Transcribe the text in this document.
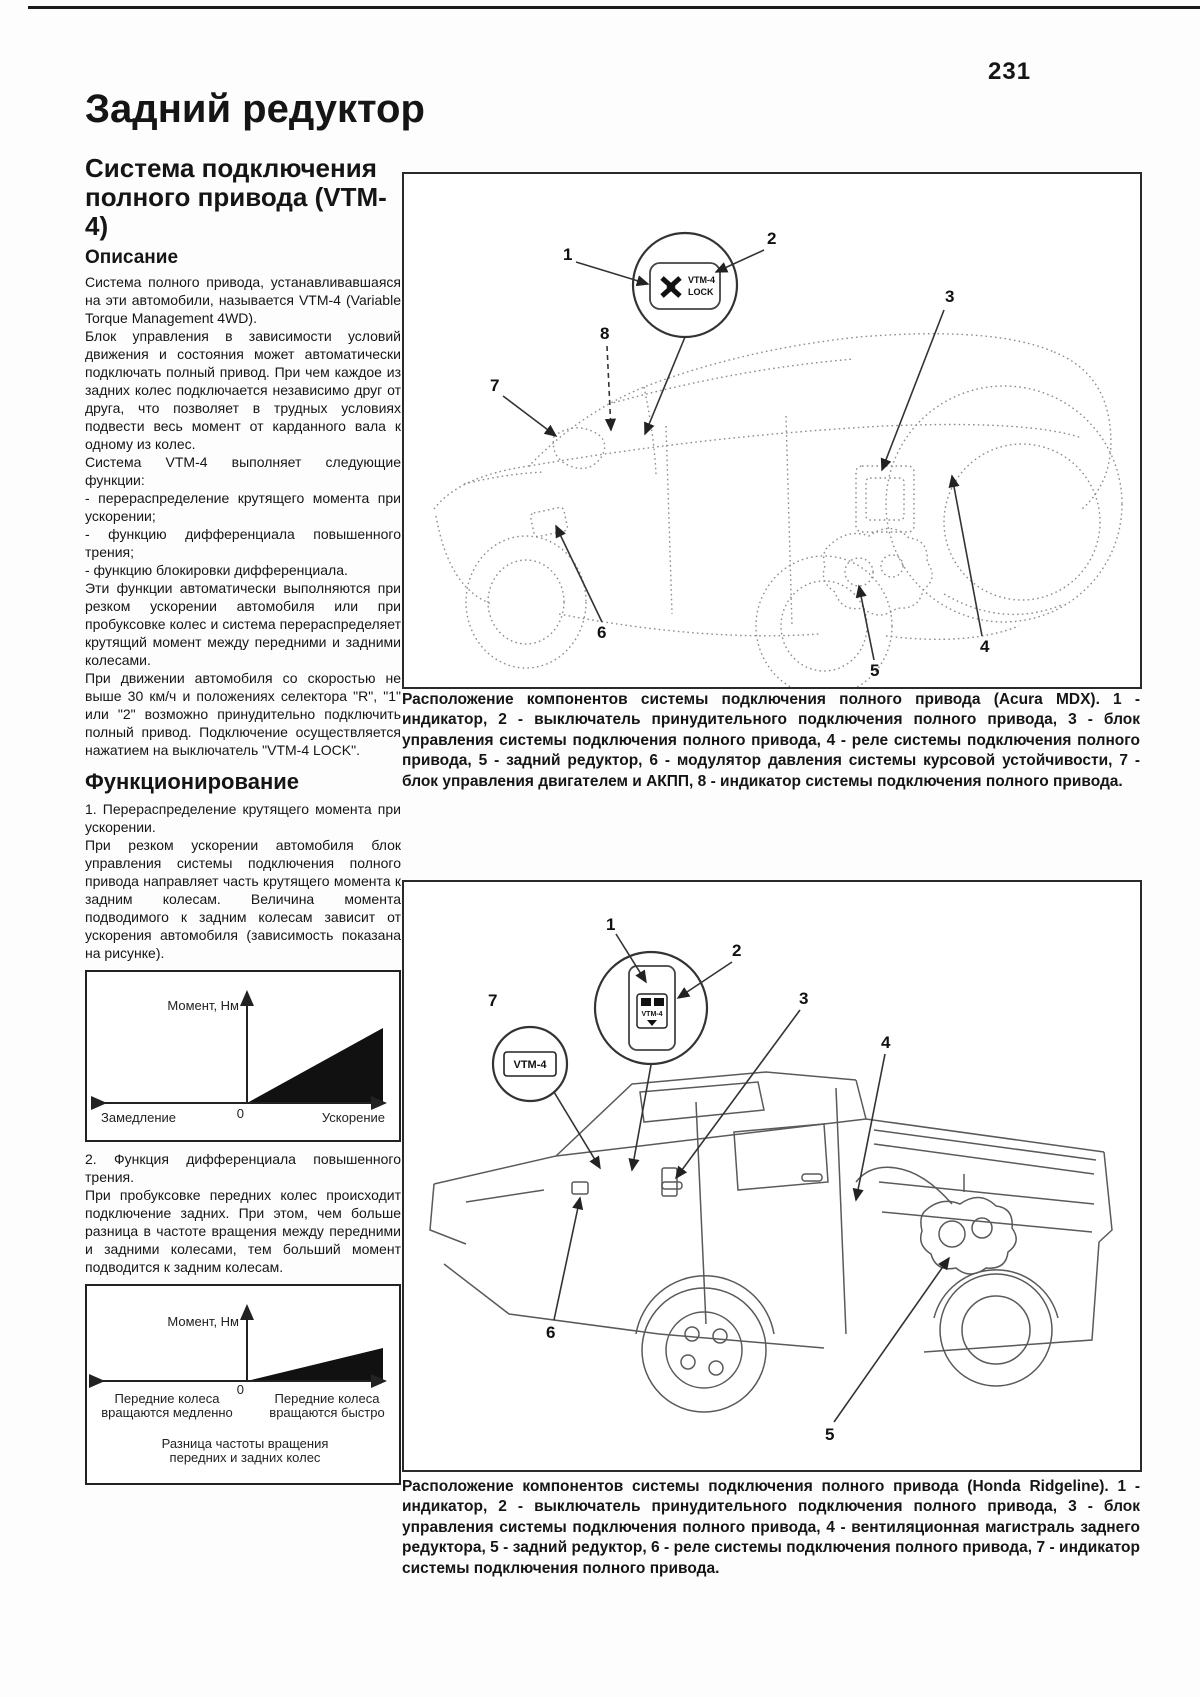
231
Задний редуктор
Система подключения
полного привода (VTM-4)
Описание

Система полного привода, устанавливавшаяся на эти автомобили, называется VTM-4 (Variable Torque Management 4WD).

Блок управления в зависимости условий движения и состояния может автоматически подключать полный привод. При чем каждое из задних колес подключается независимо друг от друга, что позволяет в трудных условиях подвести весь момент от карданного вала к одному из колес.

Система VTM-4 выполняет следующие функции:

- перераспределение крутящего момента при ускорении;

- функцию дифференциала повышенного трения;

- функцию блокировки дифференциала.

Эти функции автоматически выполняются при резком ускорении автомобиля или при пробуксовке колес и система перераспределяет крутящий момент между передними и задними колесами.

При движении автомобиля со скоростью не выше 30 км/ч и положениях селектора "R", "1" или "2" возможно принудительно подключить полный привод. Подключение осуществляется нажатием на выключатель "VTM-4 LOCK".

Функционирование

1. Перераспределение крутящего момента при ускорении.

При резком ускорении автомобиля блок управления системы подключения полного привода направляет часть крутящего момента к задним колесам. Величина момента подводимого к задним колесам зависит от ускорения автомобиля (зависимость показана на рисунке).

Момент, Нм
0
Замедление	Ускорение

2. Функция дифференциала повышенного трения.

При пробуксовке передних колес происходит подключение задних. При этом, чем больше разница в частоте вращения между передними и задними колесами, тем больший момент подводится к задним колесам.

Момент, Нм
0
Передние колеса
вращаются медленно
Передние колеса
вращаются быстро
Разница частоты вращения
передних и задних колес
VTM-4
LOCK
1
2
3
4
5
6
7
8
Расположение компонентов системы подключения полного привода (Acura MDX). 1 - индикатор, 2 - выключатель принудительного подключения полного привода, 3 - блок управления системы подключения полного привода, 4 - реле системы подключения полного привода, 5 - задний редуктор, 6 - модулятор давления системы курсовой устойчивости, 7 - блок управления двигателем и АКПП, 8 - индикатор системы подключения полного привода.
VTM-4
VTM-4
1
2
3
4
5
6
7
Расположение компонентов системы подключения полного привода (Honda Ridgeline). 1 - индикатор, 2 - выключатель принудительного подключения полного привода, 3 - блок управления системы подключения полного привода, 4 - вентиляционная магистраль заднего редуктора, 5 - задний редуктор, 6 - реле системы подключения полного привода, 7 - индикатор системы подключения полного привода.
